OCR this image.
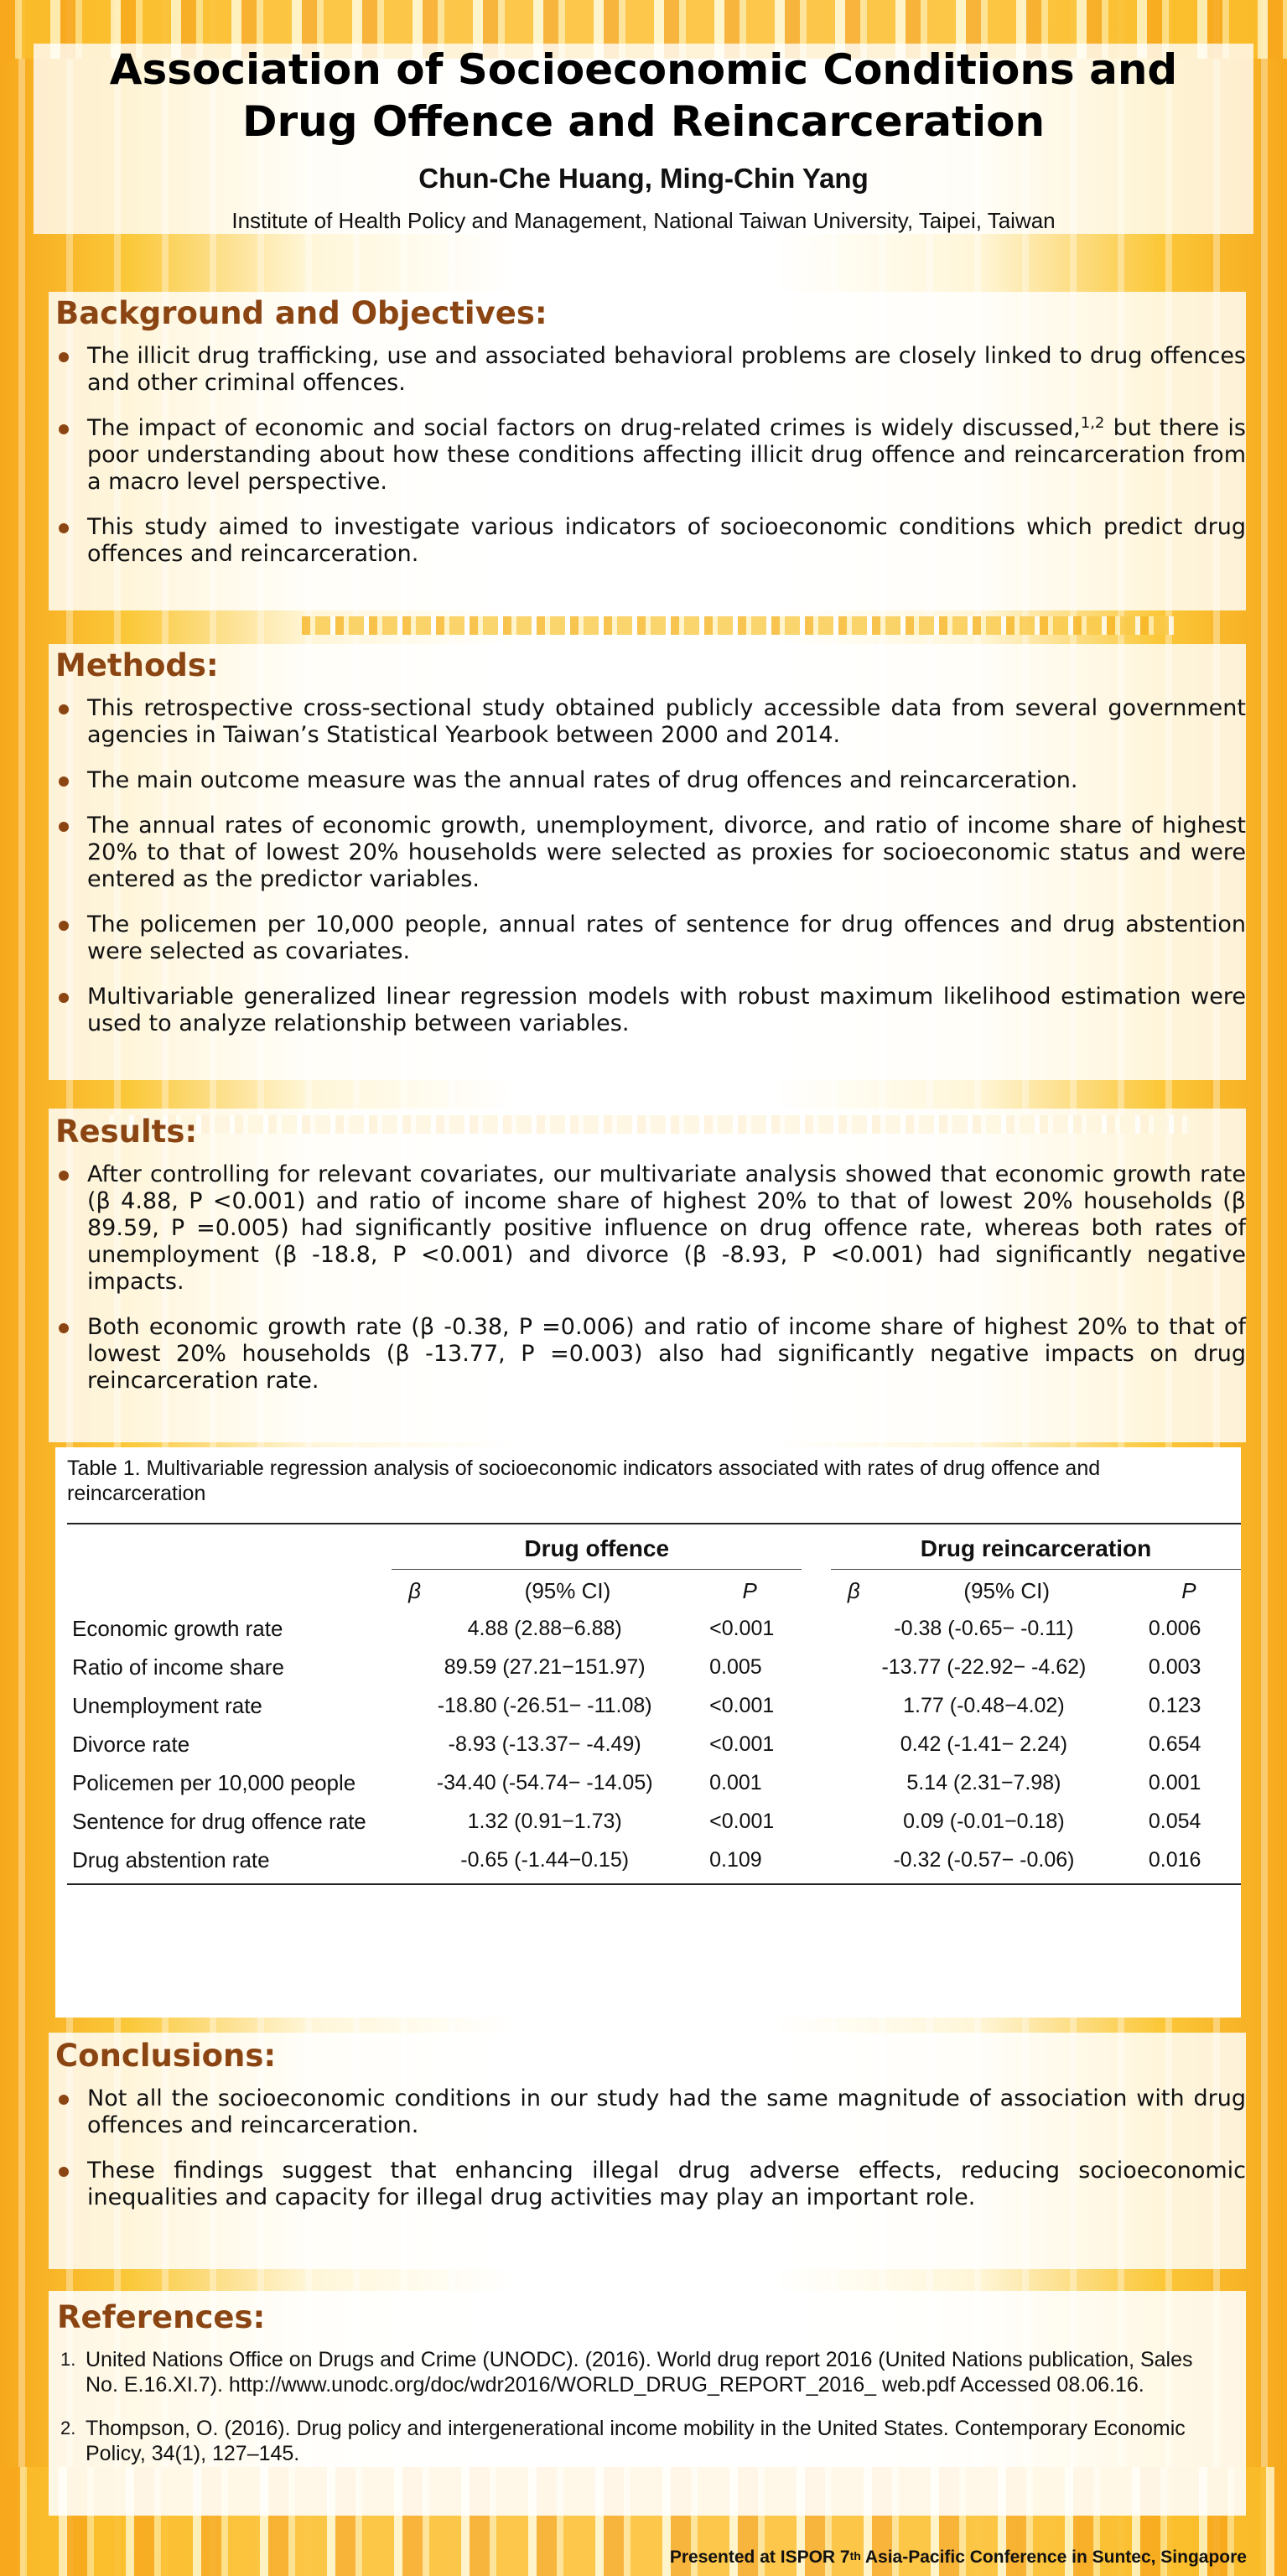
Association of Socioeconomic Conditions and
Drug Offence and Reincarceration
Chun-Che Huang, Ming-Chin Yang
Institute of Health Policy and Management, National Taiwan University, Taipei, Taiwan
Background and Objectives:
The illicit drug trafficking, use and associated behavioral problems are closely linked to drug offences and other criminal offences.
The impact of economic and social factors on drug-related crimes is widely discussed,$^{1,2}$ but there is poor understanding about how these conditions affecting illicit drug offence and reincarceration from a macro level perspective.
This study aimed to investigate various indicators of socioeconomic conditions which predict drug offences and reincarceration.
Methods:
This retrospective cross-sectional study obtained publicly accessible data from several government agencies in Taiwan’s Statistical Yearbook between 2000 and 2014.
The main outcome measure was the annual rates of drug offences and reincarceration.
The annual rates of economic growth, unemployment, divorce, and ratio of income share of highest 20% to that of lowest 20% households were selected as proxies for socioeconomic status and were entered as the predictor variables.
The policemen per 10,000 people, annual rates of sentence for drug offences and drug abstention were selected as covariates.
Multivariable generalized linear regression models with robust maximum likelihood estimation were used to analyze relationship between variables.
Results:
After controlling for relevant covariates, our multivariate analysis showed that economic growth rate (β 4.88, P <0.001) and ratio of income share of highest 20% to that of lowest 20% households (β 89.59, P =0.005) had significantly positive influence on drug offence rate, whereas both rates of unemployment (β -18.8, P <0.001) and divorce (β -8.93, P <0.001) had significantly negative impacts.
Both economic growth rate (β -0.38, P =0.006) and ratio of income share of highest 20% to that of lowest 20% households (β -13.77, P =0.003) also had significantly negative impacts on drug reincarceration rate.
Table 1. Multivariable regression analysis of socioeconomic indicators associated with rates of drug offence and reincarceration

	Drug offence				Drug reincarceration		
	β	(95% CI)	P		β	(95% CI)	P
Economic growth rate	4.88 (2.88−6.88)		<0.001		-0.38 (-0.65− -0.11)		0.006
Ratio of income share	89.59 (27.21−151.97)		0.005		-13.77 (-22.92− -4.62)		0.003
Unemployment rate	-18.80 (-26.51− -11.08)		<0.001		1.77 (-0.48−4.02)		0.123
Divorce rate	-8.93 (-13.37− -4.49)		<0.001		0.42 (-1.41− 2.24)		0.654
Policemen per 10,000 people	-34.40 (-54.74− -14.05)		0.001		5.14 (2.31−7.98)		0.001
Sentence for drug offence rate	1.32 (0.91−1.73)		<0.001		0.09 (-0.01−0.18)		0.054
Drug abstention rate	-0.65 (-1.44−0.15)		0.109		-0.32 (-0.57− -0.06)		0.016

Conclusions:
Not all the socioeconomic conditions in our study had the same magnitude of association with drug offences and reincarceration.
These findings suggest that enhancing illegal drug adverse effects, reducing socioeconomic inequalities and capacity for illegal drug activities may play an important role.
References:
1. United Nations Office on Drugs and Crime (UNODC). (2016). World drug report 2016 (United Nations publication, Sales No. E.16.XI.7). http://www.unodc.org/doc/wdr2016/WORLD_DRUG_REPORT_2016_ web.pdf Accessed 08.06.16.
2. Thompson, O. (2016). Drug policy and intergenerational income mobility in the United States. Contemporary Economic Policy, 34(1), 127–145.
Presented at ISPOR 7th Asia-Pacific Conference in Suntec, Singapore
